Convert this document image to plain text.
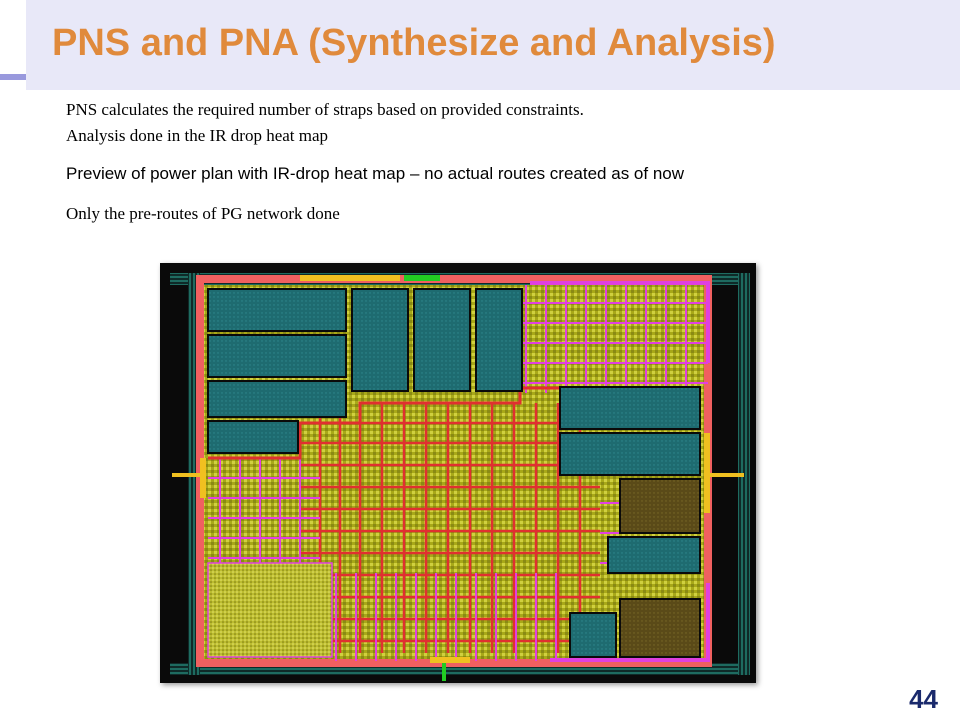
PNS and PNA (Synthesize and Analysis)
PNS calculates the required number of straps based on provided constraints.
Analysis done in the IR drop heat map
Preview of power plan with IR-drop heat map – no actual routes created as of now
Only the pre-routes of PG network done
44
